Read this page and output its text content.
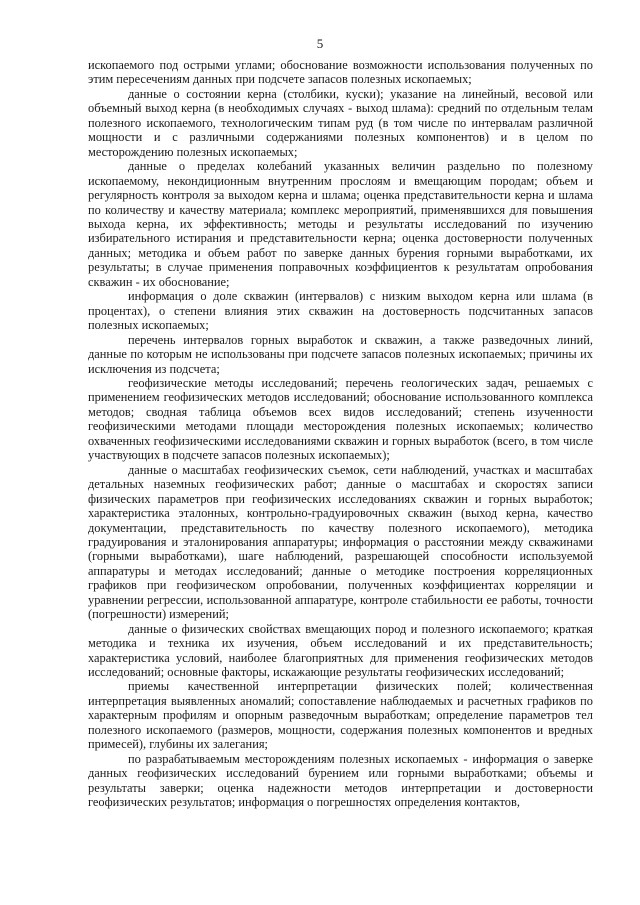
5

ископаемого под острыми углами; обоснование возможности использования полученных по этим пересечениям данных при подсчете запасов полезных ископаемых;

данные о состоянии керна (столбики, куски); указание на линейный, весовой или объемный выход керна (в необходимых случаях - выход шлама): средний по отдельным телам полезного ископаемого, технологическим типам руд (в том числе по интервалам различной мощности и с различными содержаниями полезных компонентов) и в целом по месторождению полезных ископаемых;

данные о пределах колебаний указанных величин раздельно по полезному ископаемому, некондиционным внутренним прослоям и вмещающим породам; объем и регулярность контроля за выходом керна и шлама; оценка представительности керна и шлама по количеству и качеству материала; комплекс мероприятий, применявшихся для повышения выхода керна, их эффективность; методы и результаты исследований по изучению избирательного истирания и представительности керна; оценка достоверности полученных данных; методика и объем работ по заверке данных бурения горными выработками, их результаты; в случае применения поправочных коэффициентов к результатам опробования скважин - их обоснование;

информация о доле скважин (интервалов) с низким выходом керна или шлама (в процентах), о степени влияния этих скважин на достоверность подсчитанных запасов полезных ископаемых;

перечень интервалов горных выработок и скважин, а также разведочных линий, данные по которым не использованы при подсчете запасов полезных ископаемых; причины их исключения из подсчета;

геофизические методы исследований; перечень геологических задач, решаемых с применением геофизических методов исследований; обоснование использованного комплекса методов; сводная таблица объемов всех видов исследований; степень изученности геофизическими методами площади месторождения полезных ископаемых; количество охваченных геофизическими исследованиями скважин и горных выработок (всего, в том числе участвующих в подсчете запасов полезных ископаемых);

данные о масштабах геофизических съемок, сети наблюдений, участках и масштабах детальных наземных геофизических работ; данные о масштабах и скоростях записи физических параметров при геофизических исследованиях скважин и горных выработок; характеристика эталонных, контрольно-градуировочных скважин (выход керна, качество документации, представительность по качеству полезного ископаемого), методика градуирования и эталонирования аппаратуры; информация о расстоянии между скважинами (горными выработками), шаге наблюдений, разрешающей способности используемой аппаратуры и методах исследований; данные о методике построения корреляционных графиков при геофизическом опробовании, полученных коэффициентах корреляции и уравнении регрессии, использованной аппаратуре, контроле стабильности ее работы, точности (погрешности) измерений;

данные о физических свойствах вмещающих пород и полезного ископаемого; краткая методика и техника их изучения, объем исследований и их представительность; характеристика условий, наиболее благоприятных для применения геофизических методов исследований; основные факторы, искажающие результаты геофизических исследований;

приемы качественной интерпретации физических полей; количественная интерпретация выявленных аномалий; сопоставление наблюдаемых и расчетных графиков по характерным профилям и опорным разведочным выработкам; определение параметров тел полезного ископаемого (размеров, мощности, содержания полезных компонентов и вредных примесей), глубины их залегания;

по разрабатываемым месторождениям полезных ископаемых - информация о заверке данных геофизических исследований бурением или горными выработками; объемы и результаты заверки; оценка надежности методов интерпретации и достоверности геофизических результатов; информация о погрешностях определения контактов,
